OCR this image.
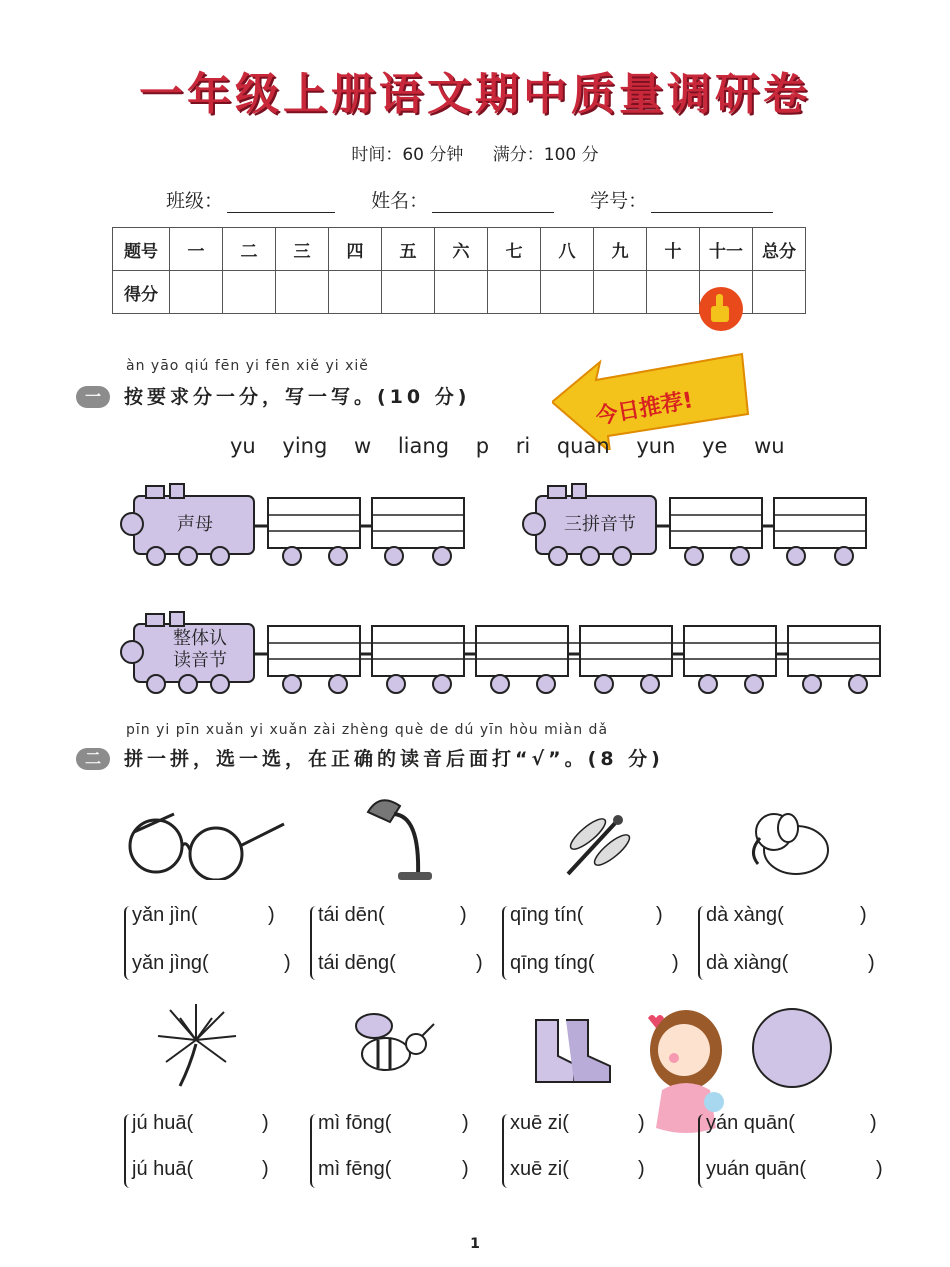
一年级上册语文期中质量调研卷
时间：60 分钟 满分：100 分
班级：	姓名：	学号：
题号	一	二	三	四	五	六	七	八	九	十	十一	总分
得分												
今日推荐!
àn yāo qiú fēn yi fēn xiě yi xiě
一	按要求分一分，写一写。(10 分)
yu ying w liang p ri quan yun ye wu
声母	三拼音节
整体认
读音节
pīn yi pīn xuǎn yi xuǎn zài zhèng què de dú yīn hòu miàn dǎ
二	拼一拼，选一选，在正确的读音后面打“√”。(8 分)
yǎn jìn(	)
yǎn jìng(	)
tái dēn(	)
tái dēng(	)
qīng tín(	)
qīng tíng(	)
dà xàng(	)
dà xiàng(	)
jú huā(	)
jú huā(	)
mì fōng(	)
mì fēng(	)
xuē zi(	)
xuē zi(	)
yán quān(	)
yuán quān(	)
1
